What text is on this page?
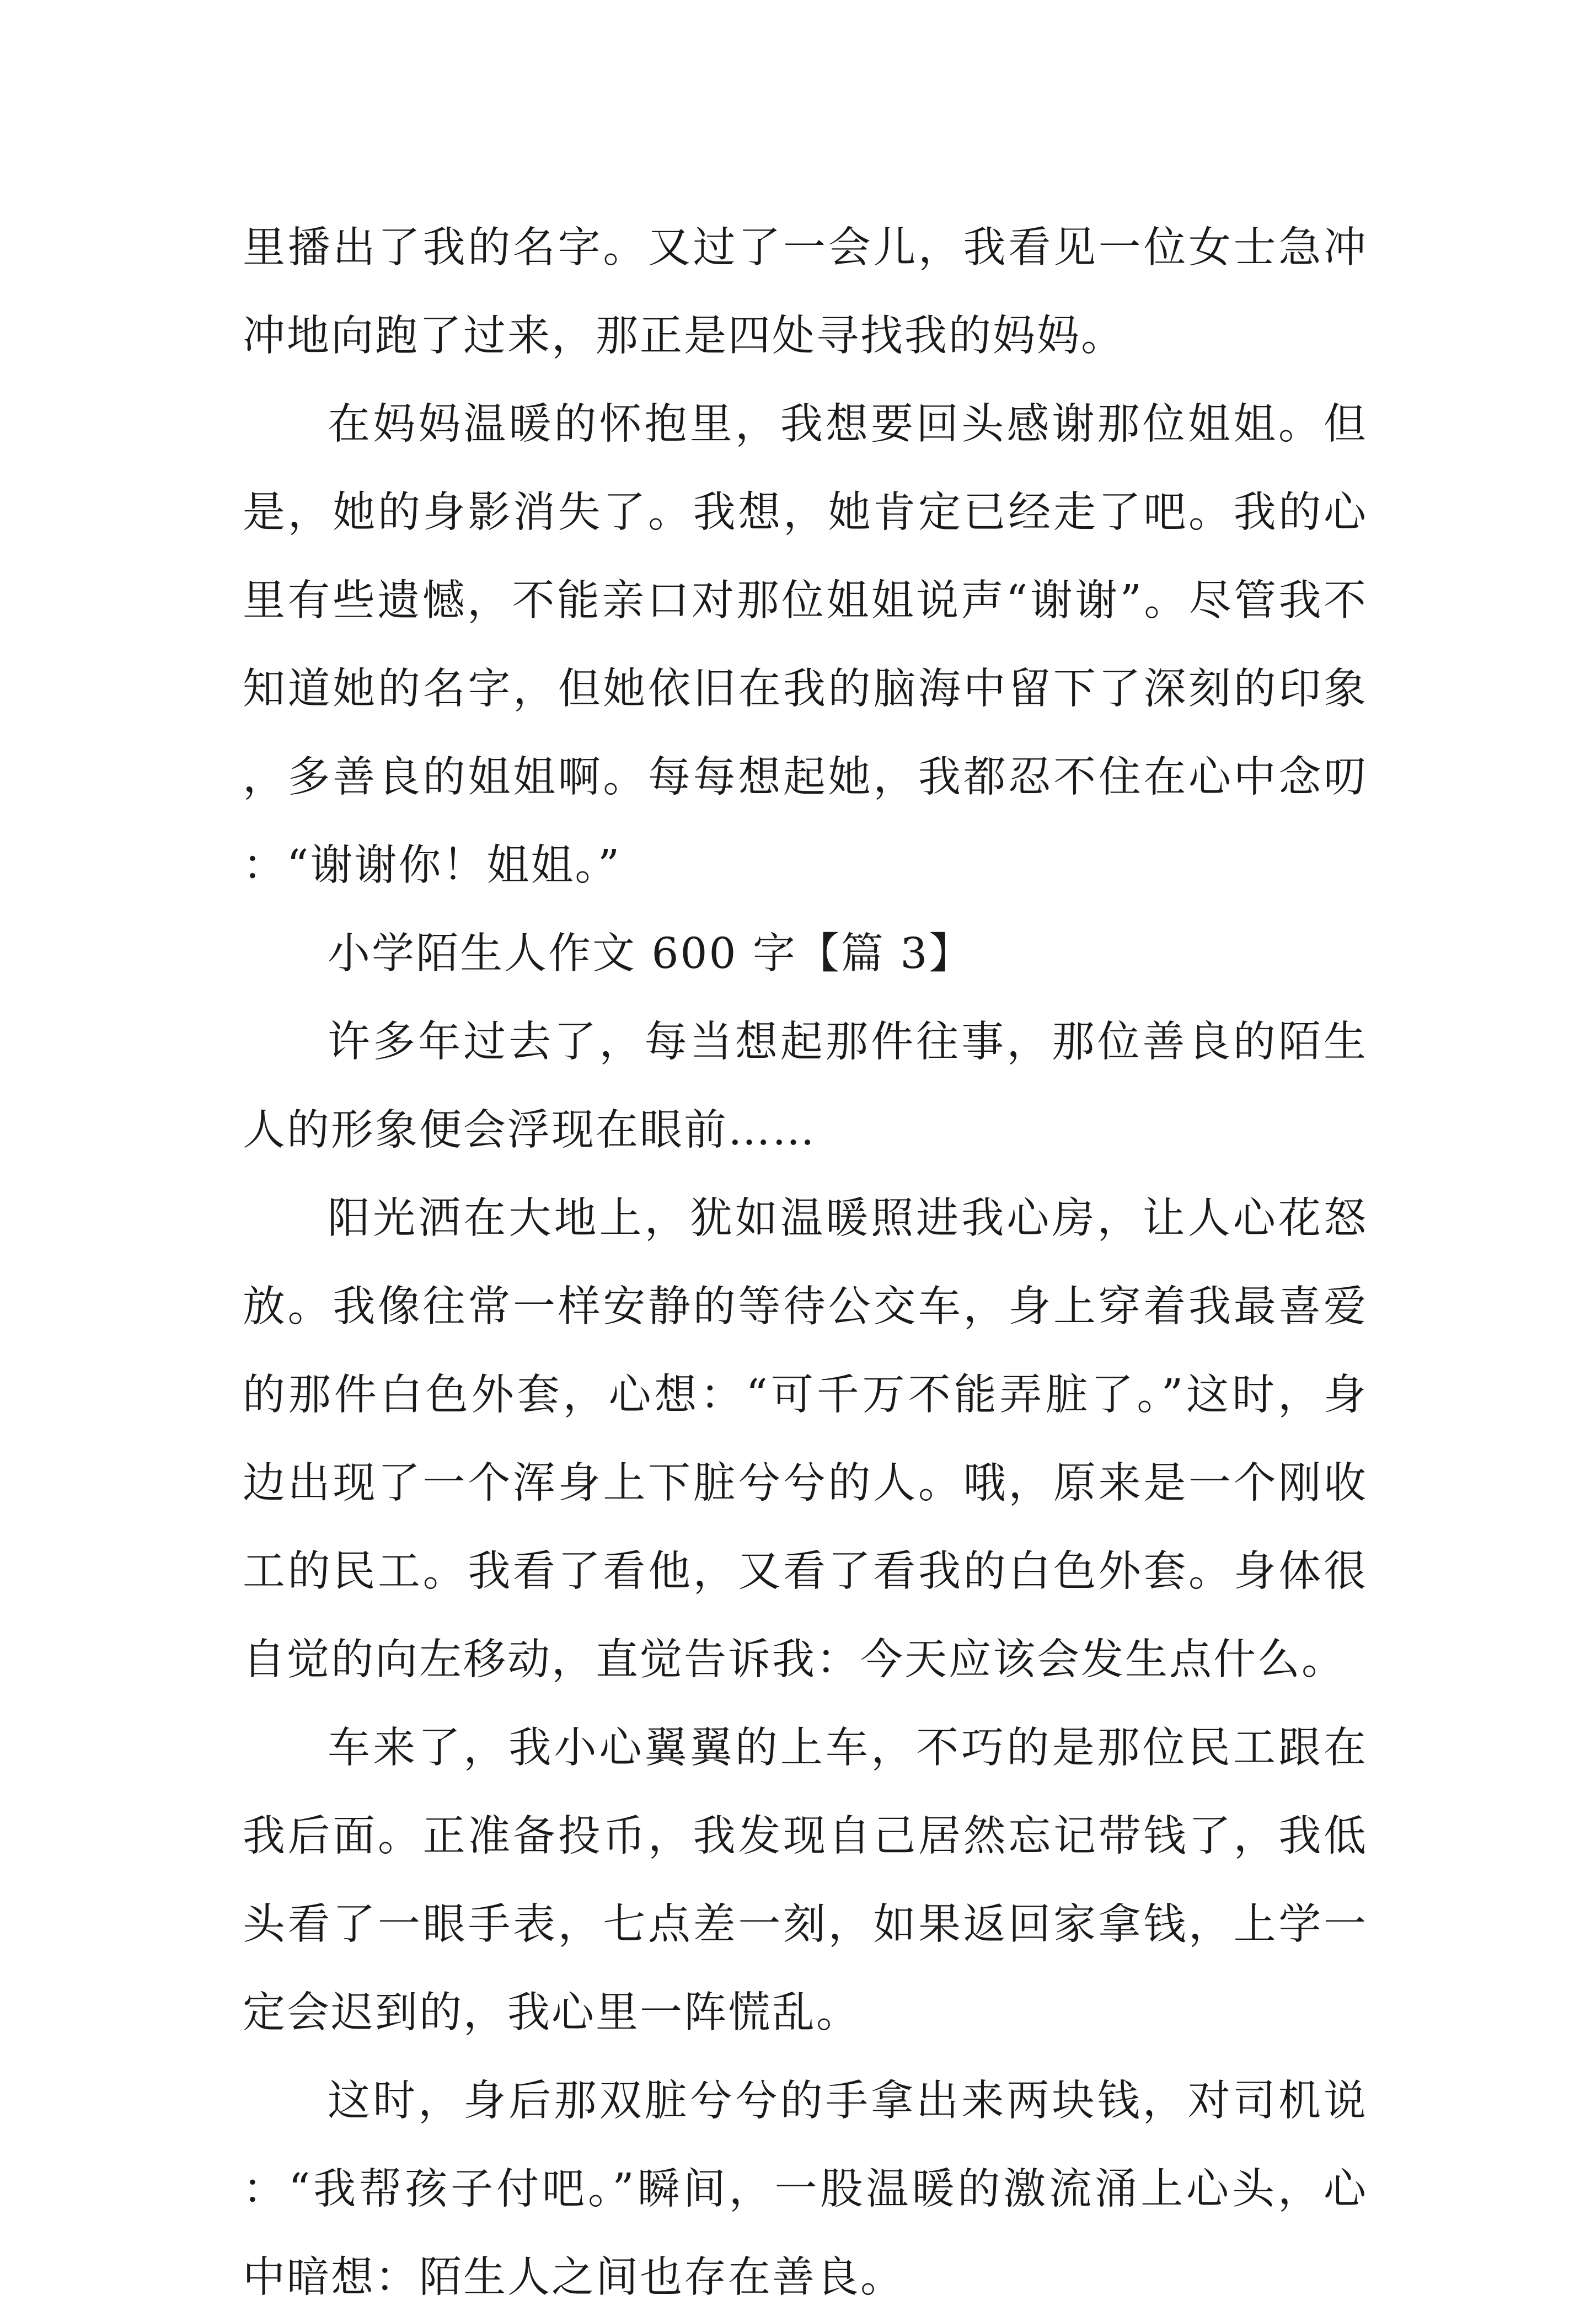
里播出了我的名字。又过了一会儿，我看见一位女士急冲冲地向跑了过来，那正是四处寻找我的妈妈。

在妈妈温暖的怀抱里，我想要回头感谢那位姐姐。但是，她的身影消失了。我想，她肯定已经走了吧。我的心里有些遗憾，不能亲口对那位姐姐说声“谢谢”。尽管我不知道她的名字，但她依旧在我的脑海中留下了深刻的印象，多善良的姐姐啊。每每想起她，我都忍不住在心中念叨：“谢谢你！姐姐。”

小学陌生人作文 600 字【篇 3】

许多年过去了，每当想起那件往事，那位善良的陌生人的形象便会浮现在眼前……

阳光洒在大地上，犹如温暖照进我心房，让人心花怒放。我像往常一样安静的等待公交车，身上穿着我最喜爱的那件白色外套，心想：“可千万不能弄脏了。”这时，身边出现了一个浑身上下脏兮兮的人。哦，原来是一个刚收工的民工。我看了看他，又看了看我的白色外套。身体很自觉的向左移动，直觉告诉我：今天应该会发生点什么。

车来了，我小心翼翼的上车，不巧的是那位民工跟在我后面。正准备投币，我发现自己居然忘记带钱了，我低头看了一眼手表，七点差一刻，如果返回家拿钱，上学一定会迟到的，我心里一阵慌乱。

这时，身后那双脏兮兮的手拿出来两块钱，对司机说：“我帮孩子付吧。”瞬间，一股温暖的激流涌上心头，心中暗想：陌生人之间也存在善良。
